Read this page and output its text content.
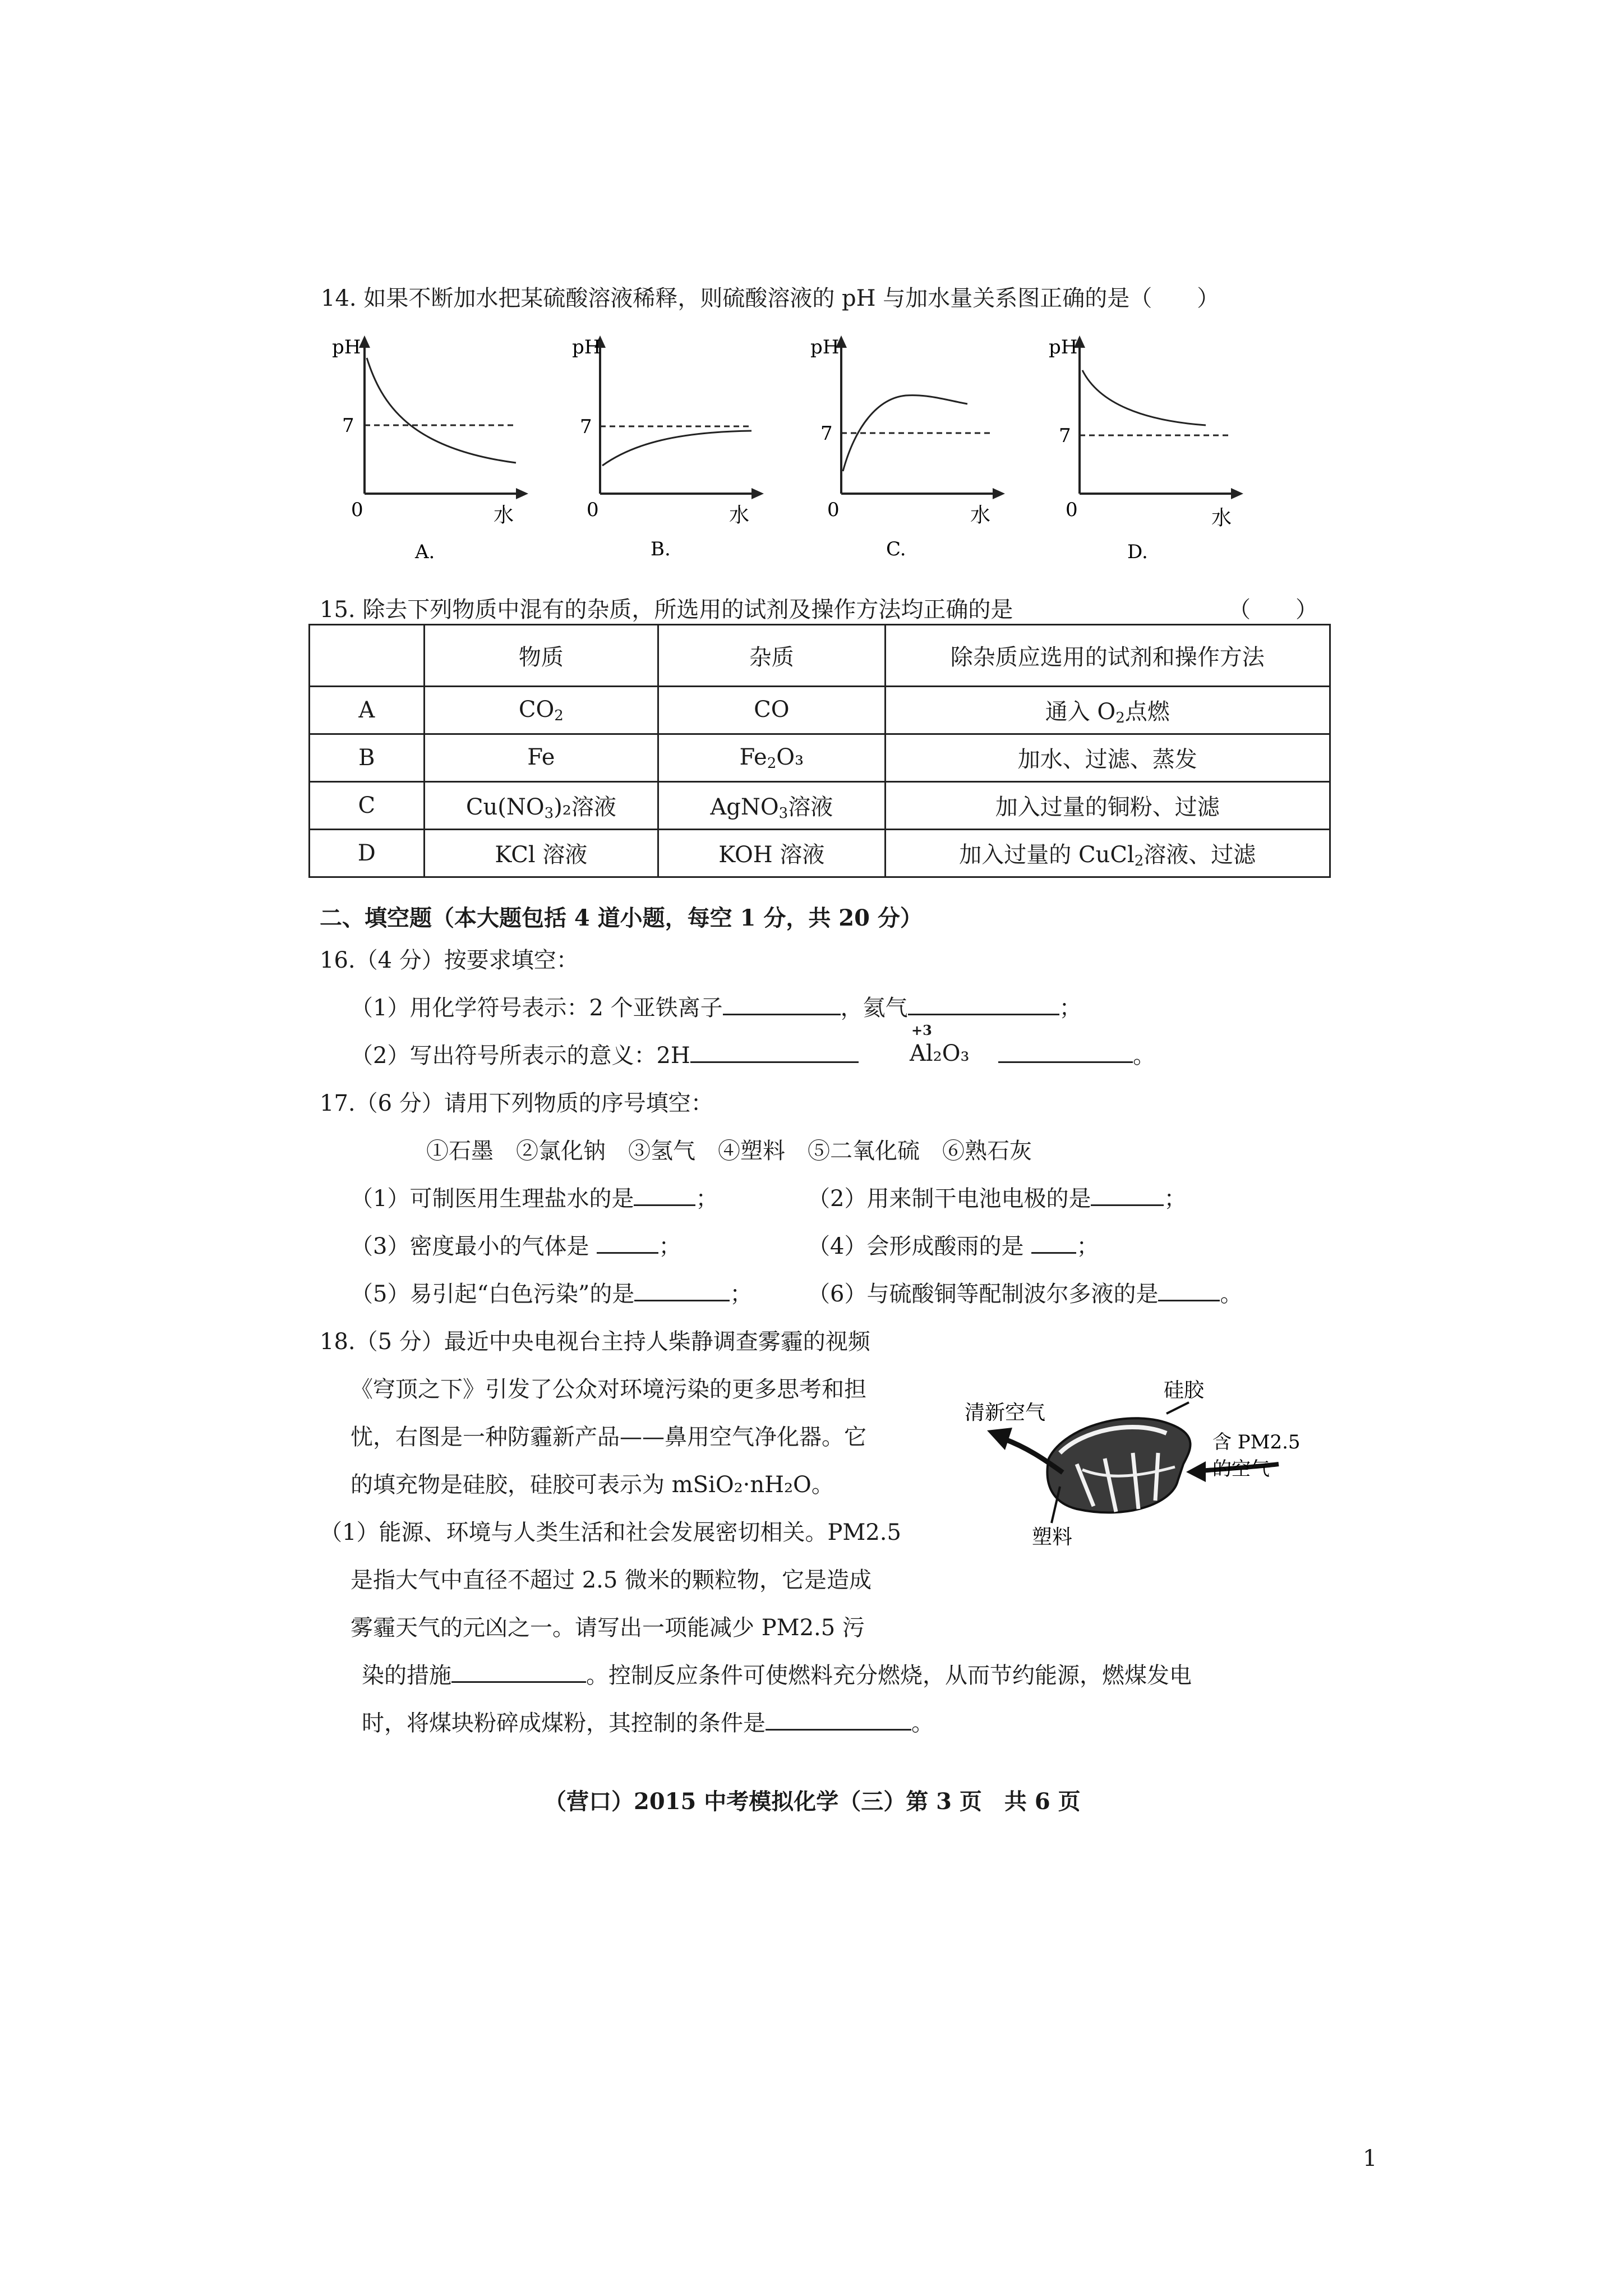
14. 如果不断加水把某硫酸溶液稀释，则硫酸溶液的 pH 与加水量关系图正确的是（　　）
pH
7
0	水
A.
pH
7
0	水
B.
pH
7
0	水
C.
pH
7
0	水
D.
15. 除去下列物质中混有的杂质，所选用的试剂及操作方法均正确的是	（　　）
	物质	杂质	除杂质应选用的试剂和操作方法
A	$CO_2$	CO	通入 $O_2$点燃
B	Fe	$Fe_2O_3$	加水、过滤、蒸发
C	$Cu(NO_3)_2$溶液	AgNO$_3$溶液	加入过量的铜粉、过滤
D	KCl 溶液	KOH 溶液	加入过量的 CuCl$_2$溶液、过滤
二、填空题（本大题包括 4 道小题，每空 1 分，共 20 分）
16.（4 分）按要求填空：
（1）用化学符号表示：2 个亚铁离子	，氦气	；
（2）写出符号所表示的意义：2H
+3
Al₂O₃	。
17.（6 分）请用下列物质的序号填空：
①石墨　②氯化钠　③氢气　④塑料　⑤二氧化硫　⑥熟石灰
（1）可制医用生理盐水的是	；	（2）用来制干电池电极的是	；
（3）密度最小的气体是	；	（4）会形成酸雨的是 ；
（5）易引起“白色污染”的是	； （6）与硫酸铜等配制波尔多液的是	。
18.（5 分）最近中央电视台主持人柴静调查雾霾的视频
《穹顶之下》引发了公众对环境污染的更多思考和担
忧，右图是一种防霾新产品——鼻用空气净化器。它
的填充物是硅胶，硅胶可表示为 mSiO₂·nH₂O。
（1）能源、环境与人类生活和社会发展密切相关。PM2.5
是指大气中直径不超过 2.5 微米的颗粒物，它是造成
雾霾天气的元凶之一。请写出一项能减少 PM2.5 污
染的措施	。控制反应条件可使燃料充分燃烧，从而节约能源，燃煤发电
时，将煤块粉碎成煤粉，其控制的条件是	。
清新空气
硅胶
含 PM2.5
的空气
塑料
（营口）2015 中考模拟化学（三）第 3 页　共 6 页
1
